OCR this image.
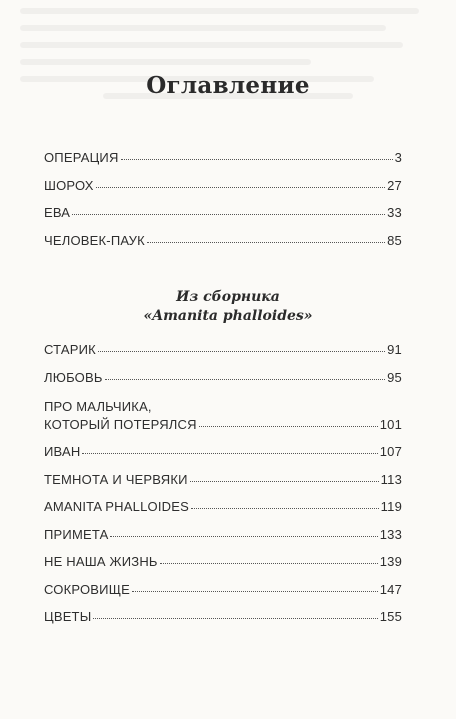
Оглавление
ОПЕРАЦИЯ	3
ШОРОХ	27
ЕВА	33
ЧЕЛОВЕК-ПАУК	85
Из сборника
«Amanita phalloides»
СТАРИК	91
ЛЮБОВЬ	95
ПРО МАЛЬЧИКА,
КОТОРЫЙ ПОТЕРЯЛСЯ	101
ИВАН	107
ТЕМНОТА И ЧЕРВЯКИ	113
AMANITA PHALLOIDES	119
ПРИМЕТА	133
НЕ НАША ЖИЗНЬ	139
СОКРОВИЩЕ	147
ЦВЕТЫ	155
